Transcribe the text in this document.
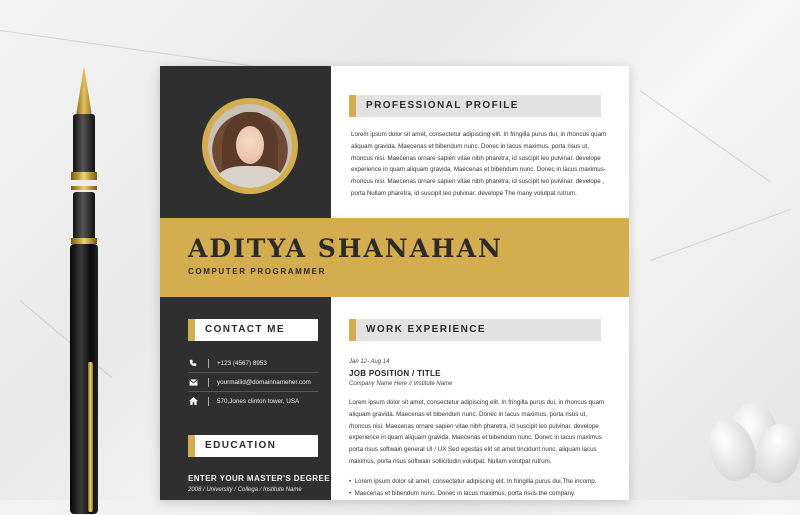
PROFESSIONAL PROFILE
Lorem ipsum dolor sit amet, consectetur adipiscing elit. In fringilla purus dui, in rhoncus quam
aliquam gravida. Maecenas et bibendum nunc. Donec in lacus maximus, porta risus ut,
rhoncus nisi. Maecenas ornare sapien vitae nibh pharetra, id suscipit leo pulvinar. develope
experience in quam aliquam gravida. Maecenas et bibendum nunc. Donec in lacus maximus-
rhoncus nisi. Maecenas ornare sapien vitae nibh pharetra, id suscipit leo pulvinar. develope ,
porta Nullam pharetra, id suscipit leo pulvinar. develope The many volutpat rutrum.
ADITYA SHANAHAN
COMPUTER PROGRAMMER
CONTACT ME
+123 (4567) 8953
yourmailid@domainnameher.com
570,Jones clinton tower, USA
EDUCATION
ENTER YOUR MASTER'S DEGREE
2008 / University / Collega / Institute Name
WORK EXPERIENCE
Jan 12- Aug 14
JOB POSITION / TITLE
Company Name Here // Institute Name
Lorem ipsum dolor sit amet, consectetur adipiscing elit. In fringilla purus dui, in rhoncus quam
aliquam gravida. Maecenas et bibendum nunc. Donec in lacus maximus, porta risus ut,
rhoncus nisi. Maecenas ornare sapien vitae nibh pharetra, id suscipit leo pulvinar. develope
experience in quam aliquam gravida. Maecenas et bibendum nunc. Donec in lacus maximus
porta risus softwain general UI / UX Sed egestas elit sit amet tincidunt nunc. aliquam lacus
maximus, porta risus softwain sollicitudin volutpat. Nullam volutpat rutrum.
•  Lorem ipsum dolor sit amet, consectetur adipiscing elit. In fringilla purus dui,The incomp.
•  Maecenas et bibendum nunc. Donec in lacus maximus, porta risus the company.
